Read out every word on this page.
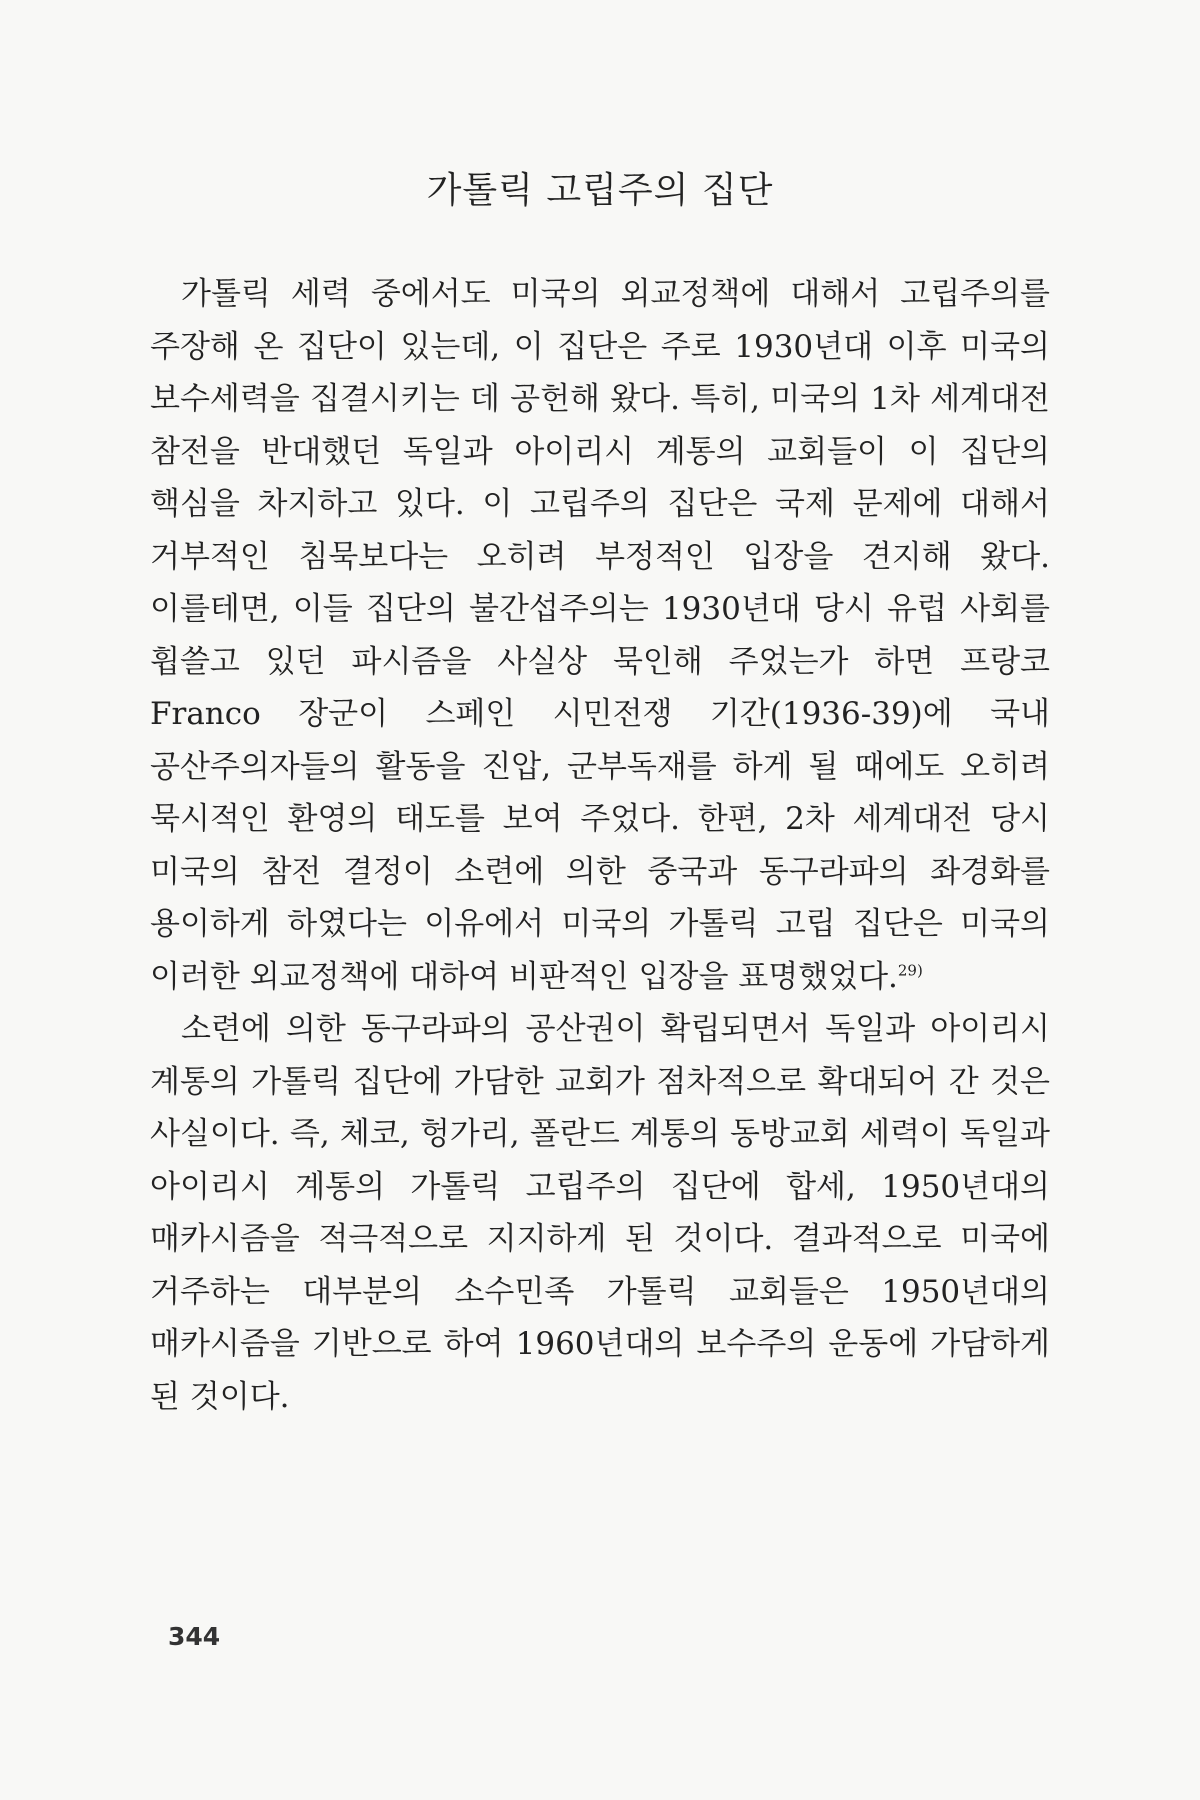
가톨릭 고립주의 집단

가톨릭 세력 중에서도 미국의 외교정책에 대해서 고립주의를 주장해 온 집단이 있는데, 이 집단은 주로 1930년대 이후 미국의 보수세력을 집결시키는 데 공헌해 왔다. 특히, 미국의 1차 세계대전 참전을 반대했던 독일과 아이리시 계통의 교회들이 이 집단의 핵심을 차지하고 있다. 이 고립주의 집단은 국제 문제에 대해서 거부적인 침묵보다는 오히려 부정적인 입장을 견지해 왔다. 이를테면, 이들 집단의 불간섭주의는 1930년대 당시 유럽 사회를 휩쓸고 있던 파시즘을 사실상 묵인해 주었는가 하면 프랑코 Franco 장군이 스페인 시민전쟁 기간(1936-39)에 국내 공산주의자들의 활동을 진압, 군부독재를 하게 될 때에도 오히려 묵시적인 환영의 태도를 보여 주었다. 한편, 2차 세계대전 당시 미국의 참전 결정이 소련에 의한 중국과 동구라파의 좌경화를 용이하게 하였다는 이유에서 미국의 가톨릭 고립 집단은 미국의 이러한 외교정책에 대하여 비판적인 입장을 표명했었다.$^{29)}$

소련에 의한 동구라파의 공산권이 확립되면서 독일과 아이리시 계통의 가톨릭 집단에 가담한 교회가 점차적으로 확대되어 간 것은 사실이다. 즉, 체코, 헝가리, 폴란드 계통의 동방교회 세력이 독일과 아이리시 계통의 가톨릭 고립주의 집단에 합세, 1950년대의 매카시즘을 적극적으로 지지하게 된 것이다. 결과적으로 미국에 거주하는 대부분의 소수민족 가톨릭 교회들은 1950년대의 매카시즘을 기반으로 하여 1960년대의 보수주의 운동에 가담하게 된 것이다.

344
